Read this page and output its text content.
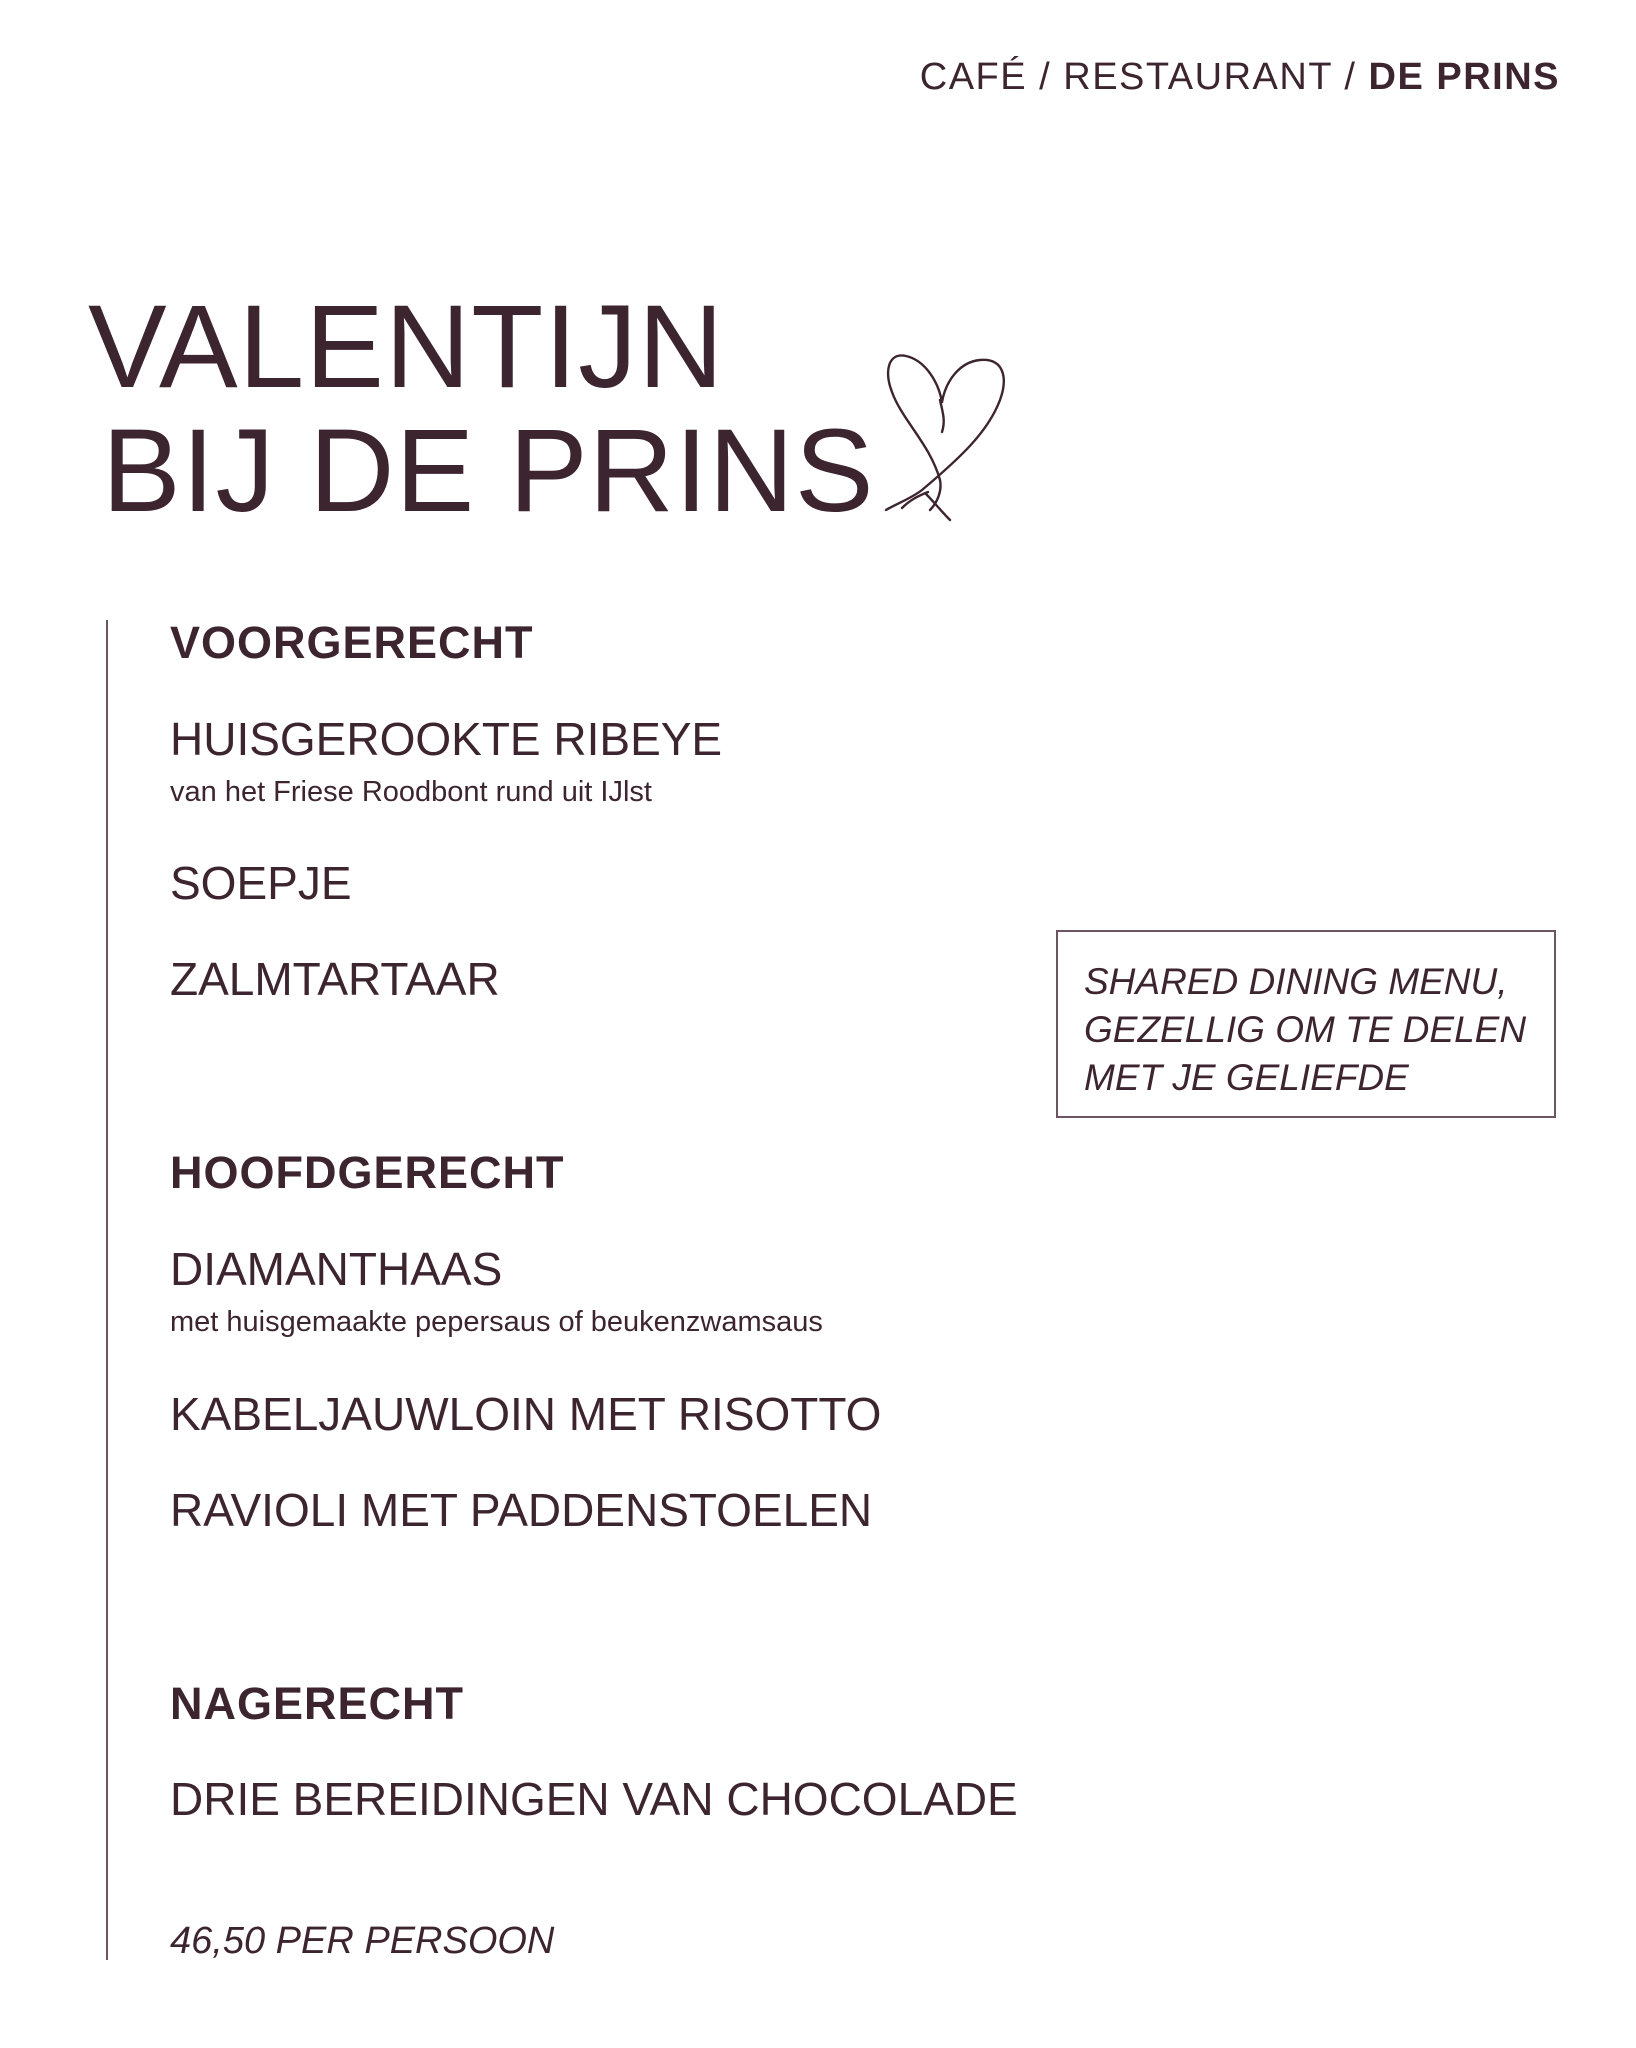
CAFÉ / RESTAURANT / DE PRINS
VALENTIJN
BIJ DE PRINS
VOORGERECHT
HUISGEROOKTE RIBEYE
van het Friese Roodbont rund uit IJlst
SOEPJE
ZALMTARTAAR	SHARED DINING MENU,
GEZELLIG OM TE DELEN
MET JE GELIEFDE
HOOFDGERECHT
DIAMANTHAAS
met huisgemaakte pepersaus of beukenzwamsaus
KABELJAUWLOIN MET RISOTTO
RAVIOLI MET PADDENSTOELEN
NAGERECHT
DRIE BEREIDINGEN VAN CHOCOLADE
46,50 PER PERSOON
